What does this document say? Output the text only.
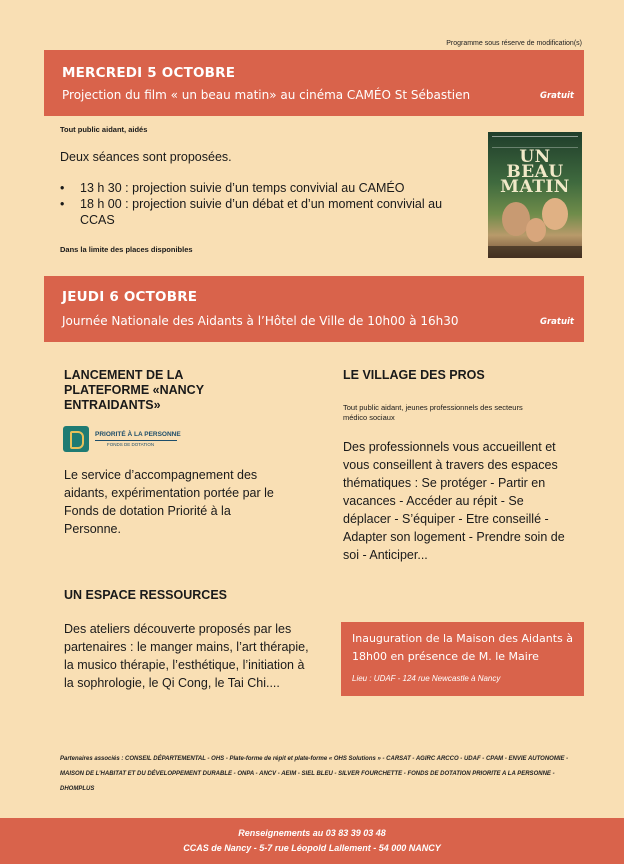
Programme sous réserve de modification(s)
MERCREDI 5 OCTOBRE
Projection du film « un beau matin» au cinéma CAMÉO St Sébastien	Gratuit
Tout public aidant, aidés
Deux séances sont proposées.
• 13 h 30 : projection suivie d’un temps convivial au CAMÉO
• 18 h 00 : projection suivie d’un débat et d’un moment convivial au CCAS
Dans la limite des places disponibles
UN BEAU MATIN
JEUDI 6 OCTOBRE
Journée Nationale des Aidants à l’Hôtel de Ville de 10h00 à 16h30	Gratuit
LANCEMENT DE LA PLATEFORME «NANCY ENTRAIDANTS»
PRIORITÉ À LA PERSONNE
FONDS DE DOTATION
Le service d’accompagnement des aidants, expérimentation portée par le Fonds de dotation Priorité à la Personne.
UN ESPACE RESSOURCES
Des ateliers découverte proposés par les partenaires : le manger mains, l’art thérapie, la musico thérapie, l’esthétique, l’initiation à la sophrologie, le Qi Cong, le Tai Chi....
LE VILLAGE DES PROS
Tout public aidant, jeunes professionnels des secteurs médico sociaux
Des professionnels vous accueillent et vous conseillent à travers des espaces thématiques : Se protéger - Partir en vacances - Accéder au répit - Se déplacer - S’équiper - Etre conseillé - Adapter son logement - Prendre soin de soi - Anticiper...
Inauguration de la Maison des Aidants à 18h00 en présence de M. le Maire
Lieu : UDAF - 124 rue Newcastle à Nancy
Partenaires associés : CONSEIL DÉPARTEMENTAL - OHS - Plate-forme de répit et plate-forme « OHS Solutions » - CARSAT - AGIRC ARCCO - UDAF - CPAM - ENVIE AUTONOMIE - MAISON DE L’HABITAT ET DU DÉVELOPPEMENT DURABLE - ONPA - ANCV - AEIM - SIEL BLEU - SILVER FOURCHETTE - FONDS DE DOTATION PRIORITE A LA PERSONNE - DHOMPLUS
Renseignements au 03 83 39 03 48
CCAS de Nancy - 5-7 rue Léopold Lallement - 54 000 NANCY
